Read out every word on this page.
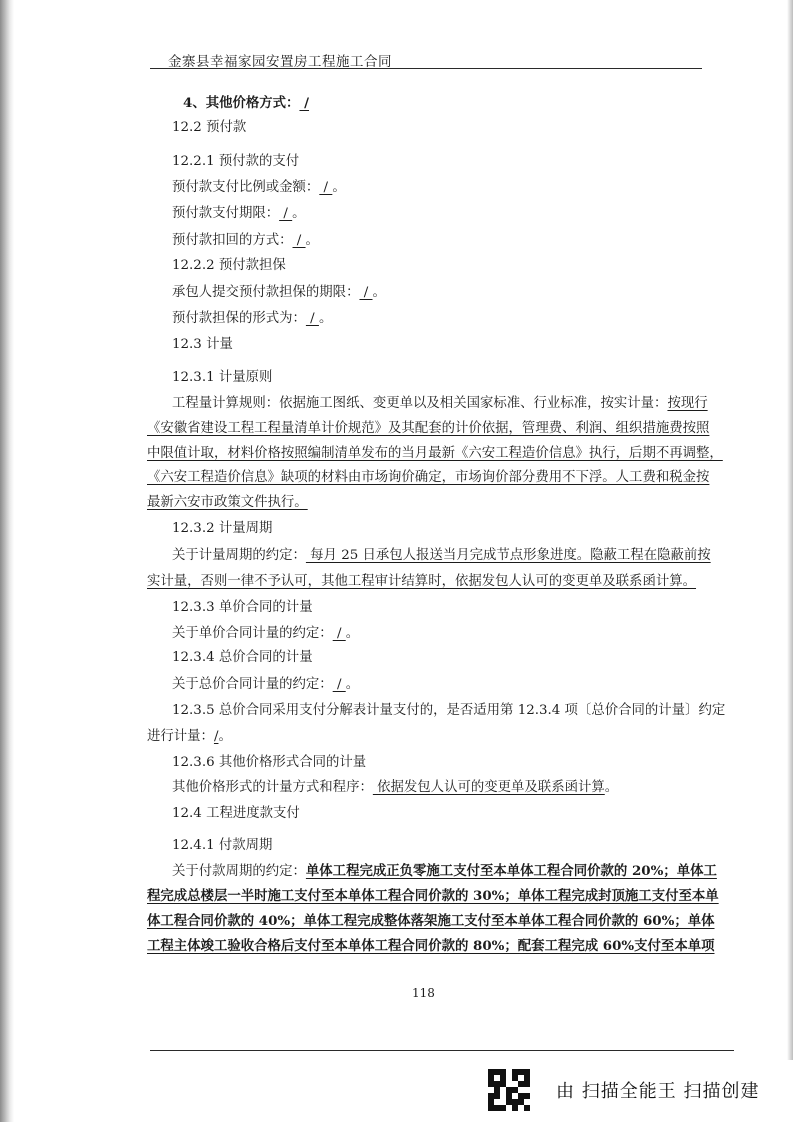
金寨县幸福家园安置房工程施工合同
4、其他价格方式： /
12.2 预付款
12.2.1 预付款的支付
预付款支付比例或金额： / 。
预付款支付期限： / 。
预付款扣回的方式： / 。
12.2.2 预付款担保
承包人提交预付款担保的期限： / 。
预付款担保的形式为： / 。
12.3 计量
12.3.1 计量原则
工程量计算规则：依据施工图纸、变更单以及相关国家标准、行业标准，按实计量：按现行
《安徽省建设工程工程量清单计价规范》及其配套的计价依据，管理费、利润、组织措施费按照
中限值计取，材料价格按照编制清单发布的当月最新《六安工程造价信息》执行，后期不再调整，
《六安工程造价信息》缺项的材料由市场询价确定，市场询价部分费用不下浮。人工费和税金按
最新六安市政策文件执行。
12.3.2 计量周期
关于计量周期的约定： 每月 25 日承包人报送当月完成节点形象进度。隐蔽工程在隐蔽前按
实计量，否则一律不予认可，其他工程审计结算时，依据发包人认可的变更单及联系函计算。
12.3.3 单价合同的计量
关于单价合同计量的约定： / 。
12.3.4 总价合同的计量
关于总价合同计量的约定： / 。
12.3.5 总价合同采用支付分解表计量支付的，是否适用第 12.3.4 项〔总价合同的计量〕约定
进行计量：/。
12.3.6 其他价格形式合同的计量
其他价格形式的计量方式和程序： 依据发包人认可的变更单及联系函计算。
12.4 工程进度款支付
12.4.1 付款周期
关于付款周期的约定：单体工程完成正负零施工支付至本单体工程合同价款的 20%；单体工
程完成总楼层一半时施工支付至本单体工程合同价款的 30%；单体工程完成封顶施工支付至本单
体工程合同价款的 40%；单体工程完成整体落架施工支付至本单体工程合同价款的 60%；单体
工程主体竣工验收合格后支付至本单体工程合同价款的 80%；配套工程完成 60%支付至本单项
118
由 扫描全能王 扫描创建
